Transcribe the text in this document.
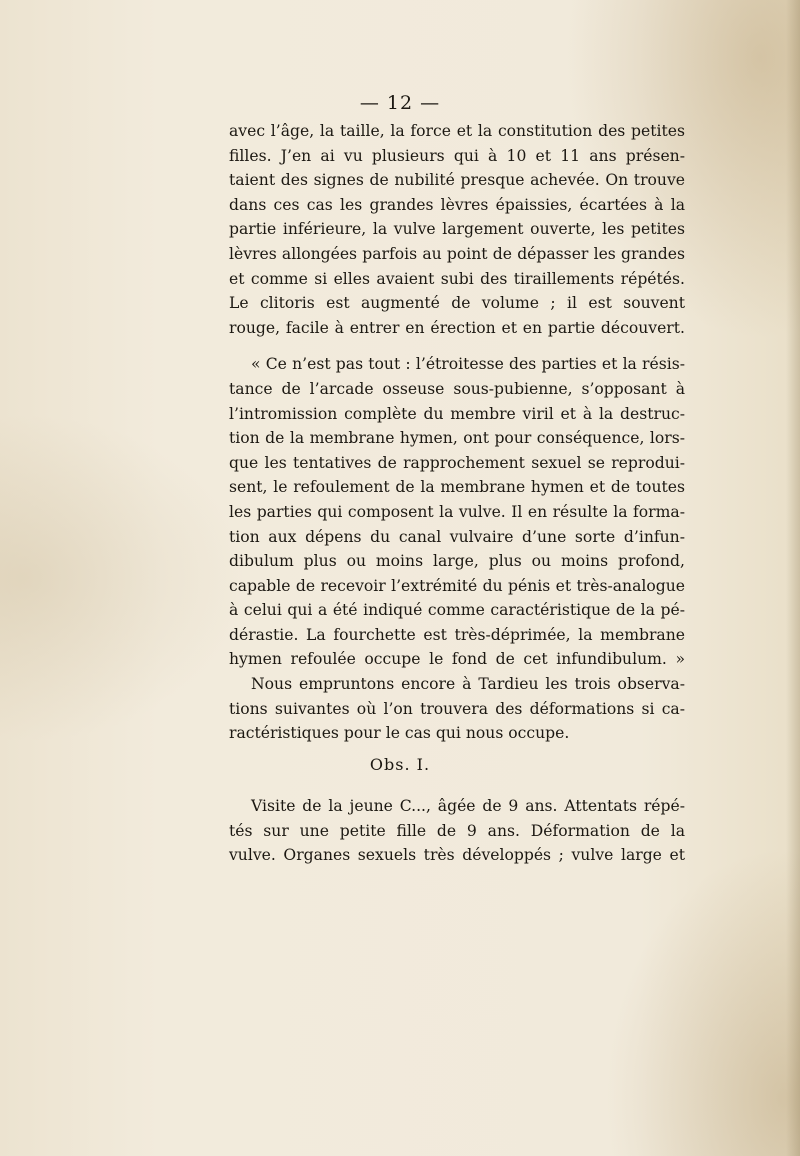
— 12 —
avec l’âge, la taille, la force et la constitution des petites
filles. J’en ai vu plusieurs qui à 10 et 11 ans présen-
taient des signes de nubilité presque achevée. On trouve
dans ces cas les grandes lèvres épaissies, écartées à la
partie inférieure, la vulve largement ouverte, les petites
lèvres allongées parfois au point de dépasser les grandes
et comme si elles avaient subi des tiraillements répétés.
Le clitoris est augmenté de volume ; il est souvent
rouge, facile à entrer en érection et en partie découvert.
« Ce n’est pas tout : l’étroitesse des parties et la résis-
tance de l’arcade osseuse sous-pubienne, s’opposant à
l’intromission complète du membre viril et à la destruc-
tion de la membrane hymen, ont pour conséquence, lors-
que les tentatives de rapprochement sexuel se reprodui-
sent, le refoulement de la membrane hymen et de toutes
les parties qui composent la vulve. Il en résulte la forma-
tion aux dépens du canal vulvaire d’une sorte d’infun-
dibulum plus ou moins large, plus ou moins profond,
capable de recevoir l’extrémité du pénis et très-analogue
à celui qui a été indiqué comme caractéristique de la pé-
dérastie. La fourchette est très-déprimée, la membrane
hymen refoulée occupe le fond de cet infundibulum. »
Nous empruntons encore à Tardieu les trois observa-
tions suivantes où l’on trouvera des déformations si ca-
ractéristiques pour le cas qui nous occupe.
Obs. I.
Visite de la jeune C..., âgée de 9 ans. Attentats répé-
tés sur une petite fille de 9 ans. Déformation de la
vulve. Organes sexuels très développés ; vulve large et
